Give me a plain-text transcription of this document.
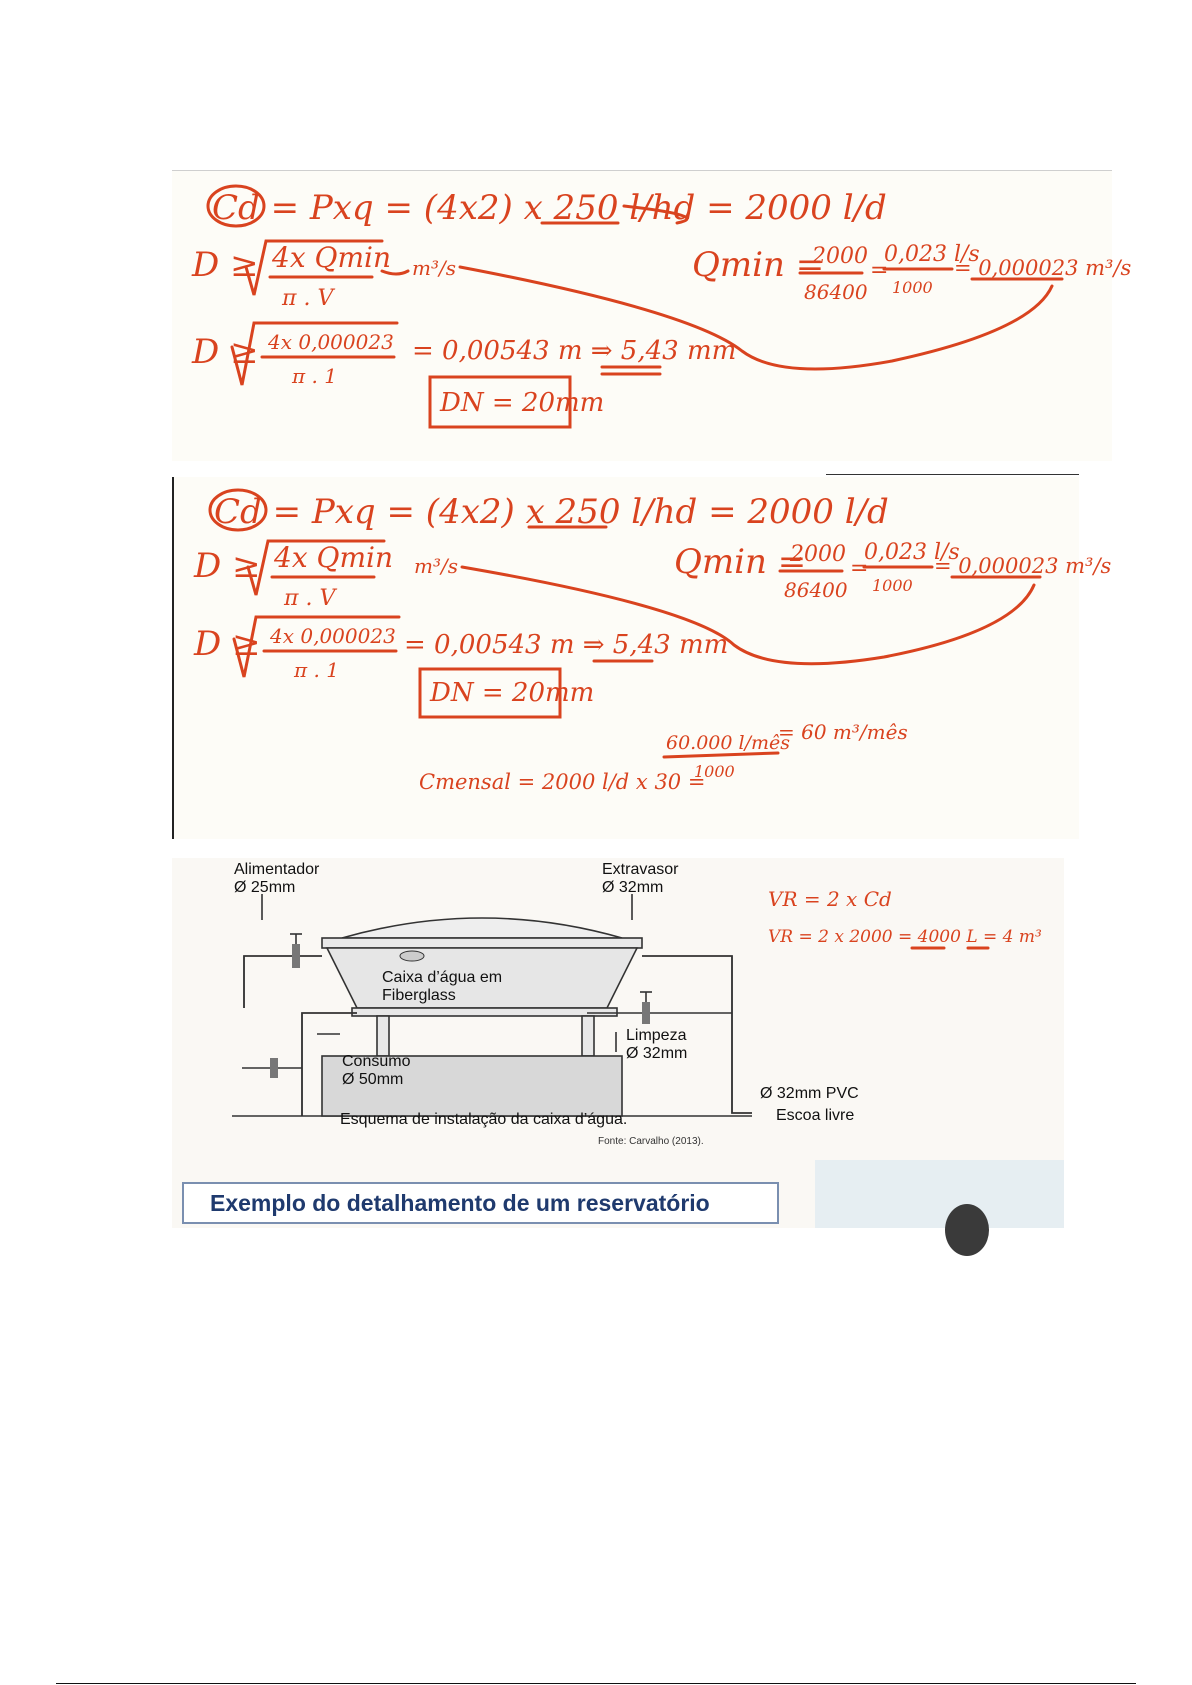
Cd = Pxq = (4x2) x 250 l/hd = 2000 l/d
Qmin =
2000
86400
=
0,023 l/s
1000
= 0,000023 m³/s
D ≥ 4x Qmin
π . V
m³/s
D ≥ 4x 0,000023
π . 1
= 0,00543 m ⇒ 5,43 mm
DN = 20mm
Cd = Pxq = (4x2) x 250 l/hd = 2000 l/d
Qmin =
2000
86400
=
0,023 l/s
1000
= 0,000023 m³/s
D ≥ 4x Qmin
π . V
m³/s
D ≥ 4x 0,000023
π . 1
= 0,00543 m ⇒ 5,43 mm
DN = 20mm
Cmensal = 2000 l/d x 30 =
60.000 l/mês
1000
= 60 m³/mês
Alimentador
Ø 25mm
Extravasor
Ø 32mm
Caixa d’água em
Fiberglass
Limpeza
Ø 32mm
Consumo
Ø 50mm
Ø 32mm PVC
Escoa livre
Esquema de instalação da caixa d’água.
Fonte: Carvalho (2013).
VR = 2 x Cd
VR = 2 x 2000 = 4000 L = 4 m³
Exemplo do detalhamento de um reservatório
